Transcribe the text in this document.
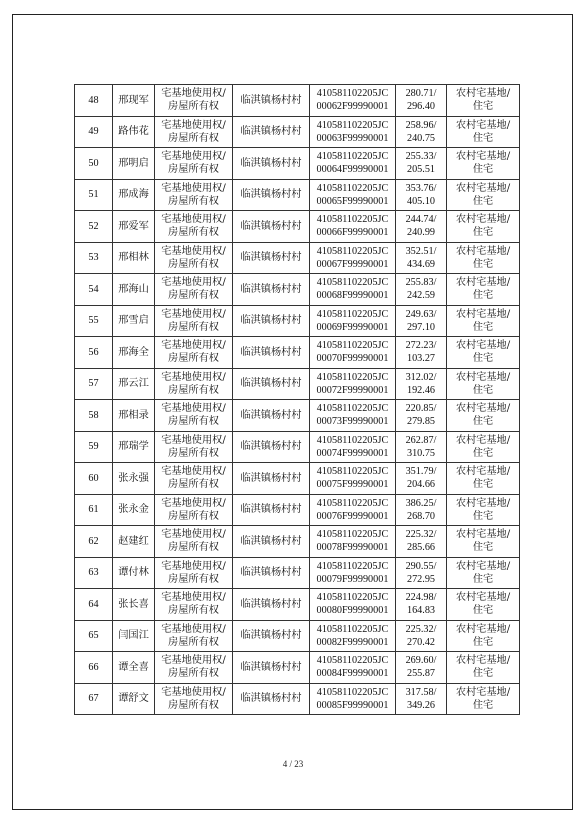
48	邢现军	宅基地使用权/
房屋所有权	临淇镇杨村村	410581102205JC
00062F99990001	280.71/
296.40	农村宅基地/
住宅

49	路伟花	宅基地使用权/
房屋所有权	临淇镇杨村村	410581102205JC
00063F99990001	258.96/
240.75	农村宅基地/
住宅

50	邢明启	宅基地使用权/
房屋所有权	临淇镇杨村村	410581102205JC
00064F99990001	255.33/
205.51	农村宅基地/
住宅

51	邢成海	宅基地使用权/
房屋所有权	临淇镇杨村村	410581102205JC
00065F99990001	353.76/
405.10	农村宅基地/
住宅

52	邢爱军	宅基地使用权/
房屋所有权	临淇镇杨村村	410581102205JC
00066F99990001	244.74/
240.99	农村宅基地/
住宅

53	邢相林	宅基地使用权/
房屋所有权	临淇镇杨村村	410581102205JC
00067F99990001	352.51/
434.69	农村宅基地/
住宅

54	邢海山	宅基地使用权/
房屋所有权	临淇镇杨村村	410581102205JC
00068F99990001	255.83/
242.59	农村宅基地/
住宅

55	邢雪启	宅基地使用权/
房屋所有权	临淇镇杨村村	410581102205JC
00069F99990001	249.63/
297.10	农村宅基地/
住宅

56	邢海全	宅基地使用权/
房屋所有权	临淇镇杨村村	410581102205JC
00070F99990001	272.23/
103.27	农村宅基地/
住宅

57	邢云江	宅基地使用权/
房屋所有权	临淇镇杨村村	410581102205JC
00072F99990001	312.02/
192.46	农村宅基地/
住宅

58	邢相录	宅基地使用权/
房屋所有权	临淇镇杨村村	410581102205JC
00073F99990001	220.85/
279.85	农村宅基地/
住宅

59	邢瑞学	宅基地使用权/
房屋所有权	临淇镇杨村村	410581102205JC
00074F99990001	262.87/
310.75	农村宅基地/
住宅

60	张永强	宅基地使用权/
房屋所有权	临淇镇杨村村	410581102205JC
00075F99990001	351.79/
204.66	农村宅基地/
住宅

61	张永金	宅基地使用权/
房屋所有权	临淇镇杨村村	410581102205JC
00076F99990001	386.25/
268.70	农村宅基地/
住宅

62	赵建红	宅基地使用权/
房屋所有权	临淇镇杨村村	410581102205JC
00078F99990001	225.32/
285.66	农村宅基地/
住宅

63	谭付林	宅基地使用权/
房屋所有权	临淇镇杨村村	410581102205JC
00079F99990001	290.55/
272.95	农村宅基地/
住宅

64	张长喜	宅基地使用权/
房屋所有权	临淇镇杨村村	410581102205JC
00080F99990001	224.98/
164.83	农村宅基地/
住宅

65	闫国江	宅基地使用权/
房屋所有权	临淇镇杨村村	410581102205JC
00082F99990001	225.32/
270.42	农村宅基地/
住宅

66	谭全喜	宅基地使用权/
房屋所有权	临淇镇杨村村	410581102205JC
00084F99990001	269.60/
255.87	农村宅基地/
住宅

67	谭舒文	宅基地使用权/
房屋所有权	临淇镇杨村村	410581102205JC
00085F99990001	317.58/
349.26	农村宅基地/
住宅
4 / 23
